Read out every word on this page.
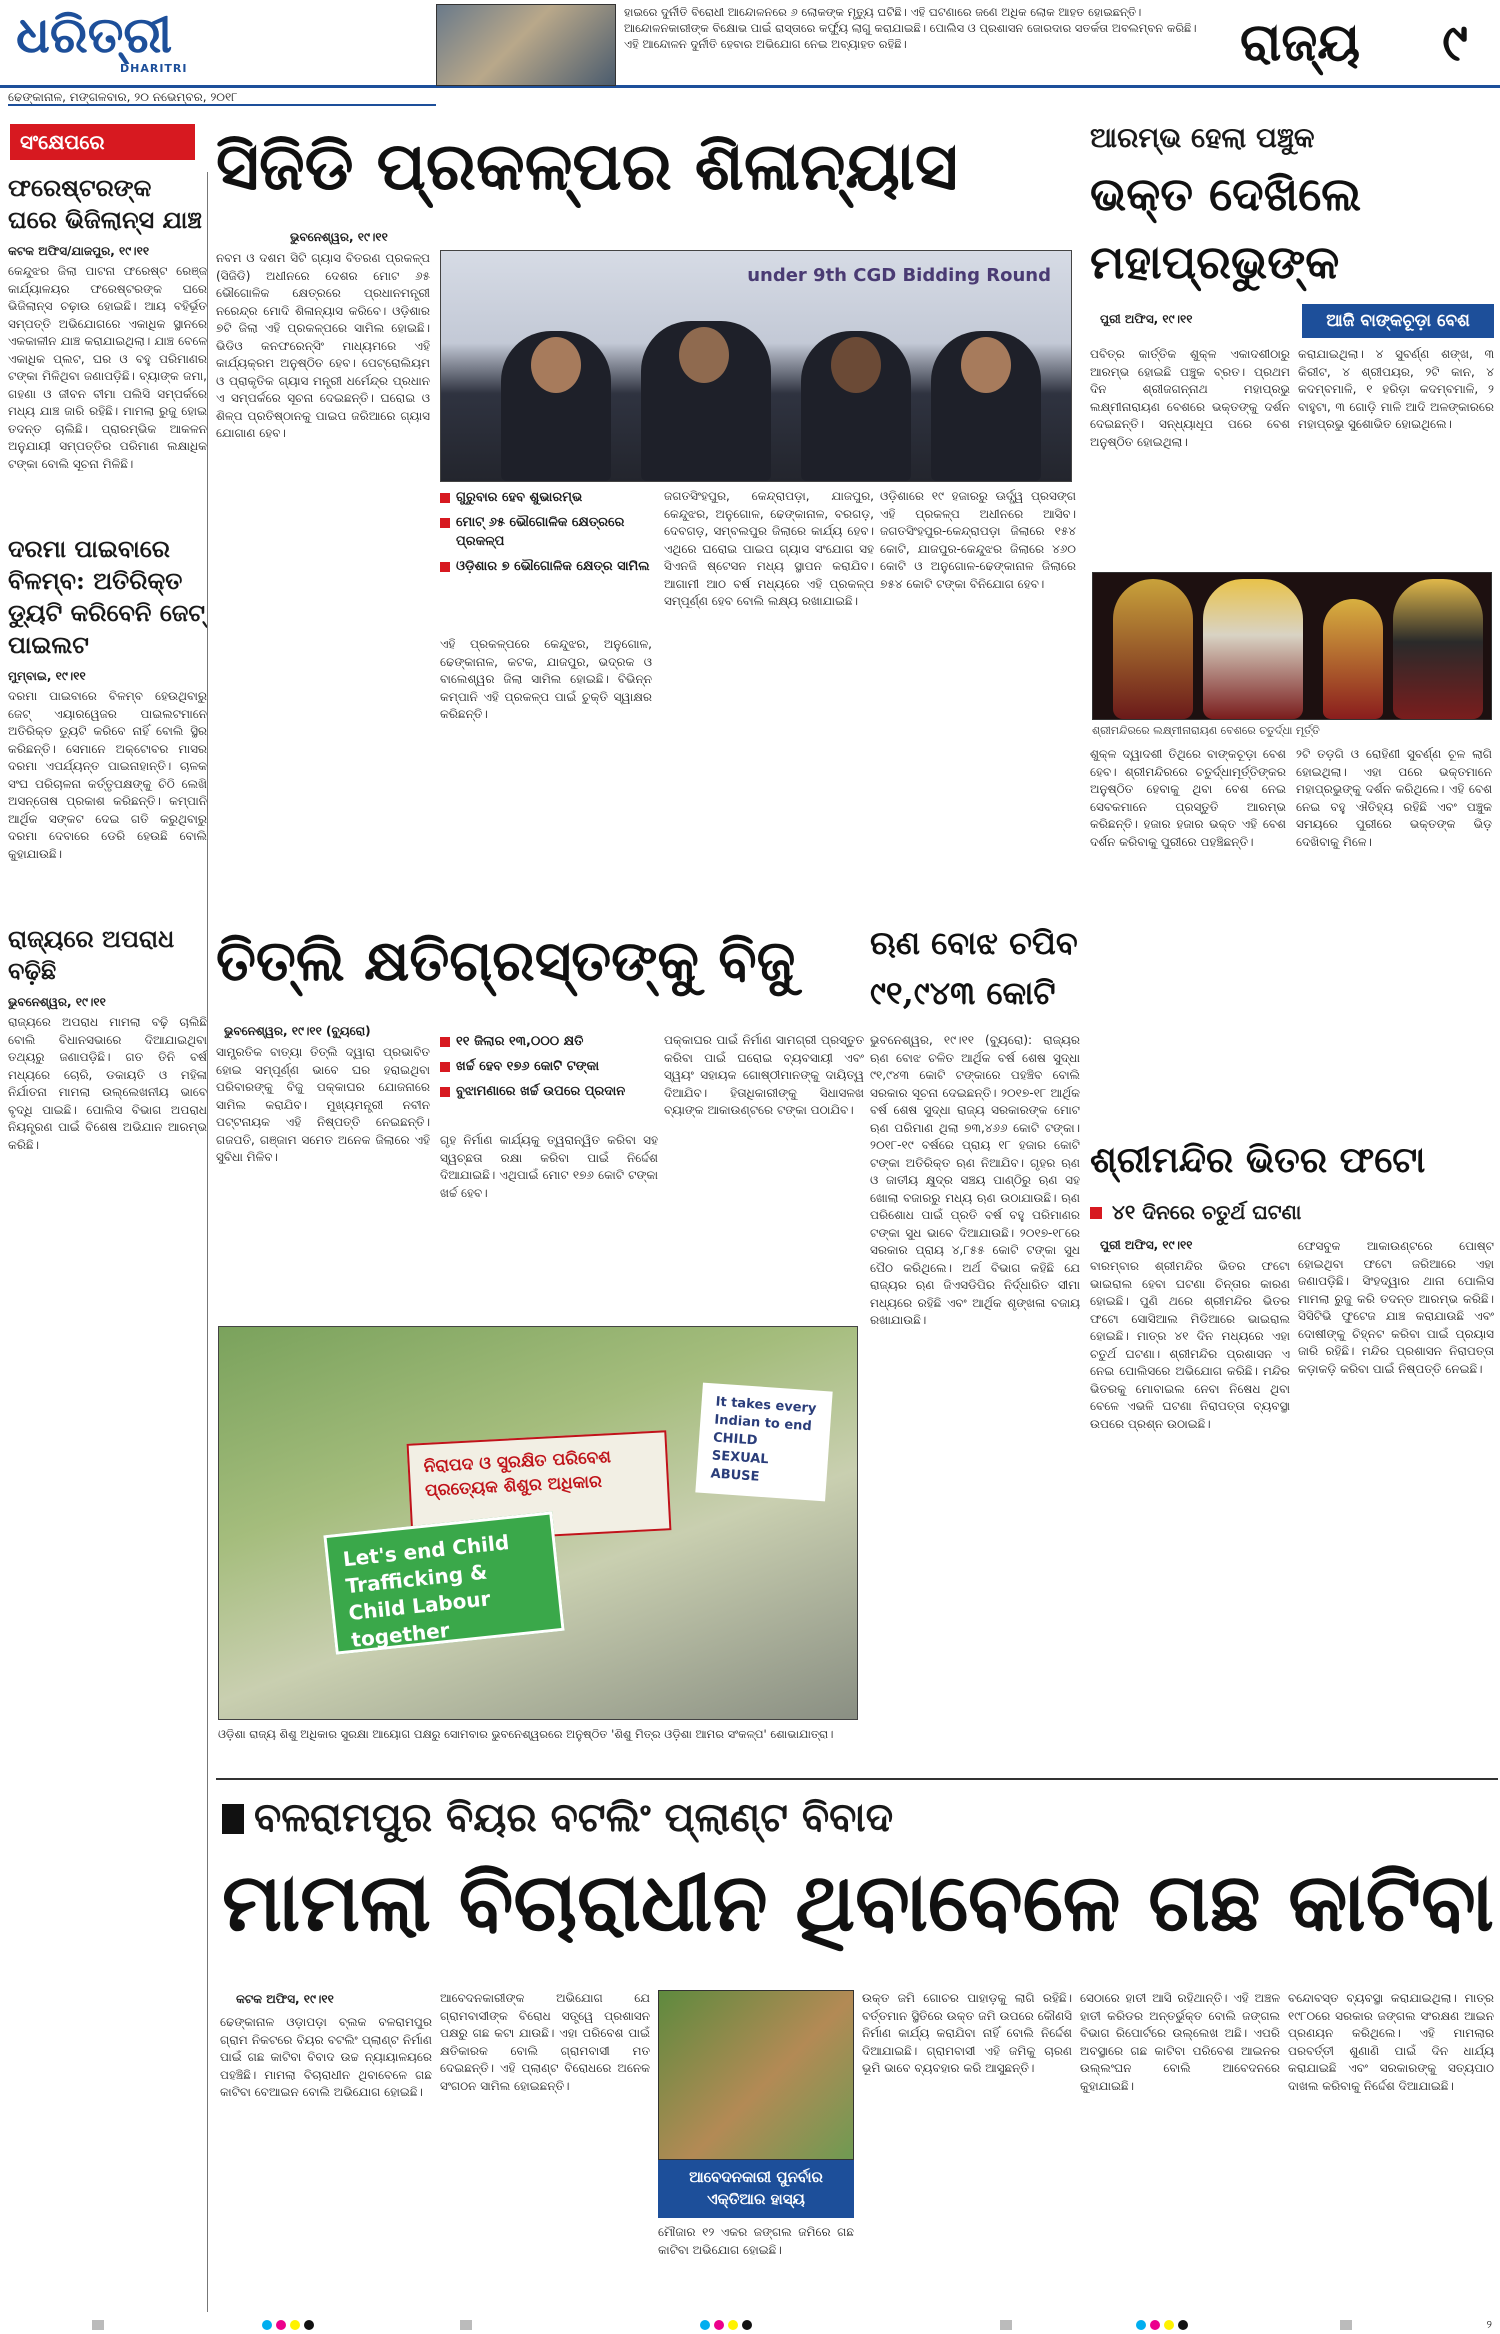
ଧରିତ୍ରୀ
DHARITRI
ଢେଙ୍କାନାଳ, ମଙ୍ଗଳବାର, ୨୦ ନଭେମ୍ବର, ୨୦୧୮
ହାଇରେ ଦୁର୍ନୀତି ବିରୋଧୀ ଆନ୍ଦୋଳନରେ ୬ ଲୋକଙ୍କ ମୃତ୍ୟୁ ଘଟିଛି। ଏହି ଘଟଣାରେ ଜଣେ ଅଧିକ ଲୋକ ଆହତ ହୋଇଛନ୍ତି। ଆନ୍ଦୋଳନକାରୀଙ୍କ ବିକ୍ଷୋଭ ପାଇଁ ରାସ୍ତାରେ କର୍ଫ୍ୟୁ ଲାଗୁ କରାଯାଇଛି। ପୋଲିସ ଓ ପ୍ରଶାସନ ଜୋରଦାର ସତର୍କତା ଅବଲମ୍ବନ କରିଛି। ଏହି ଆନ୍ଦୋଳନ ଦୁର୍ନୀତି ହେବାର ଅଭିଯୋଗ ନେଇ ଅବ୍ୟାହତ ରହିଛି।	ରାଜ୍ୟ	୯
ସଂକ୍ଷେପରେ
ଫରେଷ୍ଟରଙ୍କ ଘରେ ଭିଜିଲାନ୍ସ ଯାଞ୍ଚ
କଟକ ଅଫିସ/ଯାଜପୁର, ୧୯।୧୧
କେନ୍ଦୁଝର ଜିଲା ପାଟନା ଫରେଷ୍ଟ ରେଞ୍ଜ କାର୍ଯ୍ୟାଳୟର ଫରେଷ୍ଟରଙ୍କ ଘରେ ଭିଜିଲାନ୍ସ ଚଢ଼ାଉ ହୋଇଛି। ଆୟ ବହିର୍ଭୂତ ସମ୍ପତ୍ତି ଅଭିଯୋଗରେ ଏକାଧିକ ସ୍ଥାନରେ ଏକକାଳୀନ ଯାଞ୍ଚ କରାଯାଇଥିଲା। ଯାଞ୍ଚ ବେଳେ ଏକାଧିକ ପ୍ଲଟ, ଘର ଓ ବହୁ ପରିମାଣର ଟଙ୍କା ମିଳିଥିବା ଜଣାପଡ଼ିଛି। ବ୍ୟାଙ୍କ ଜମା, ଗହଣା ଓ ଜୀବନ ବୀମା ପଲିସି ସମ୍ପର୍କରେ ମଧ୍ୟ ଯାଞ୍ଚ ଜାରି ରହିଛି। ମାମଲା ରୁଜୁ ହୋଇ ତଦନ୍ତ ଚାଲିଛି। ପ୍ରାରମ୍ଭିକ ଆକଳନ ଅନୁଯାୟୀ ସମ୍ପତ୍ତିର ପରିମାଣ ଲକ୍ଷାଧିକ ଟଙ୍କା ବୋଲି ସୂଚନା ମିଳିଛି।
ଦରମା ପାଇବାରେ ବିଳମ୍ବ: ଅତିରିକ୍ତ ଡ୍ୟୁଟି କରିବେନି ଜେଟ୍ ପାଇଲଟ
ମୁମ୍ବାଇ, ୧୯।୧୧
ଦରମା ପାଇବାରେ ବିଳମ୍ବ ହେଉଥିବାରୁ ଜେଟ୍ ଏୟାରୱେଜର ପାଇଲଟମାନେ ଅତିରିକ୍ତ ଡ୍ୟୁଟି କରିବେ ନାହିଁ ବୋଲି ସ୍ଥିର କରିଛନ୍ତି। ସେମାନେ ଅକ୍ଟୋବର ମାସର ଦରମା ଏପର୍ଯ୍ୟନ୍ତ ପାଇନାହାନ୍ତି। ଚାଳକ ସଂଘ ପରିଚାଳନା କର୍ତ୍ତୃପକ୍ଷଙ୍କୁ ଚିଠି ଲେଖି ଅସନ୍ତୋଷ ପ୍ରକାଶ କରିଛନ୍ତି। କମ୍ପାନି ଆର୍ଥିକ ସଙ୍କଟ ଦେଇ ଗତି କରୁଥିବାରୁ ଦରମା ଦେବାରେ ଡେରି ହେଉଛି ବୋଲି କୁହାଯାଉଛି।
ରାଜ୍ୟରେ ଅପରାଧ ବଢ଼ିଛି
ଭୁବନେଶ୍ୱର, ୧୯।୧୧
ରାଜ୍ୟରେ ଅପରାଧ ମାମଲା ବଢ଼ି ଚାଲିଛି ବୋଲି ବିଧାନସଭାରେ ଦିଆଯାଇଥିବା ତଥ୍ୟରୁ ଜଣାପଡ଼ିଛି। ଗତ ତିନି ବର୍ଷ ମଧ୍ୟରେ ଚୋରି, ଡକାୟତି ଓ ମହିଳା ନିର୍ଯାତନା ମାମଲା ଉଲ୍ଲେଖନୀୟ ଭାବେ ବୃଦ୍ଧି ପାଇଛି। ପୋଲିସ ବିଭାଗ ଅପରାଧ ନିୟନ୍ତ୍ରଣ ପାଇଁ ବିଶେଷ ଅଭିଯାନ ଆରମ୍ଭ କରିଛି।
ସିଜିଡି ପ୍ରକଳ୍ପର ଶିଳାନ୍ୟାସ
ଭୁବନେଶ୍ୱର, ୧୯।୧୧
under 9th CGD Bidding Round
ନବମ ଓ ଦଶମ ସିଟି ଗ୍ୟାସ ବିତରଣ ପ୍ରକଳ୍ପ (ସିଜିଡି) ଅଧୀନରେ ଦେଶର ମୋଟ ୬୫ ଭୌଗୋଳିକ କ୍ଷେତ୍ରରେ ପ୍ରଧାନମନ୍ତ୍ରୀ ନରେନ୍ଦ୍ର ମୋଦି ଶିଳାନ୍ୟାସ କରିବେ। ଓଡ଼ିଶାର ୭ଟି ଜିଲା ଏହି ପ୍ରକଳ୍ପରେ ସାମିଲ ହୋଇଛି। ଭିଡିଓ କନଫରେନ୍ସିଂ ମାଧ୍ୟମରେ ଏହି କାର୍ଯ୍ୟକ୍ରମ ଅନୁଷ୍ଠିତ ହେବ। ପେଟ୍ରୋଲିୟମ ଓ ପ୍ରାକୃତିକ ଗ୍ୟାସ ମନ୍ତ୍ରୀ ଧର୍ମେନ୍ଦ୍ର ପ୍ରଧାନ ଏ ସମ୍ପର୍କରେ ସୂଚନା ଦେଇଛନ୍ତି। ଘରୋଇ ଓ ଶିଳ୍ପ ପ୍ରତିଷ୍ଠାନକୁ ପାଇପ ଜରିଆରେ ଗ୍ୟାସ ଯୋଗାଣ ହେବ।
ଗୁରୁବାର ହେବ ଶୁଭାରମ୍ଭ
ମୋଟ୍ ୬୫ ଭୌଗୋଳିକ କ୍ଷେତ୍ରରେ ପ୍ରକଳ୍ପ
ଓଡ଼ିଶାର ୭ ଭୌଗୋଳିକ କ୍ଷେତ୍ର ସାମିଲ
ଏହି ପ୍ରକଳ୍ପରେ କେନ୍ଦୁଝର, ଅନୁଗୋଳ, ଢେଙ୍କାନାଳ, କଟକ, ଯାଜପୁର, ଭଦ୍ରକ ଓ ବାଲେଶ୍ୱର ଜିଲା ସାମିଲ ହୋଇଛି। ବିଭିନ୍ନ କମ୍ପାନି ଏହି ପ୍ରକଳ୍ପ ପାଇଁ ଚୁକ୍ତି ସ୍ୱାକ୍ଷର କରିଛନ୍ତି।
ଜଗତସିଂହପୁର, କେନ୍ଦ୍ରାପଡ଼ା, ଯାଜପୁର, କେନ୍ଦୁଝର, ଅନୁଗୋଳ, ଢେଙ୍କାନାଳ, ବରଗଡ଼, ଦେବଗଡ଼, ସମ୍ବଲପୁର ଜିଲାରେ କାର୍ଯ୍ୟ ହେବ। ଏଥିରେ ଘରୋଇ ପାଇପ ଗ୍ୟାସ ସଂଯୋଗ ସହ ସିଏନଜି ଷ୍ଟେସନ ମଧ୍ୟ ସ୍ଥାପନ କରାଯିବ। ଆଗାମୀ ଆଠ ବର୍ଷ ମଧ୍ୟରେ ଏହି ପ୍ରକଳ୍ପ ସମ୍ପୂର୍ଣ୍ଣ ହେବ ବୋଲି ଲକ୍ଷ୍ୟ ରଖାଯାଇଛି।
ଓଡ଼ିଶାରେ ୧୯ ହଜାରରୁ ଊର୍ଦ୍ଧ୍ୱ ପ୍ରସଙ୍ଗ ଏହି ପ୍ରକଳ୍ପ ଅଧୀନରେ ଆସିବ। ଜଗତସିଂହପୁର-କେନ୍ଦ୍ରାପଡ଼ା ଜିଲାରେ ୧୫୪ କୋଟି, ଯାଜପୁର-କେନ୍ଦୁଝର ଜିଲାରେ ୪୬୦ କୋଟି ଓ ଅନୁଗୋଳ-ଢେଙ୍କାନାଳ ଜିଲାରେ ୭୫୪ କୋଟି ଟଙ୍କା ବିନିଯୋଗ ହେବ।
ଆରମ୍ଭ ହେଲା ପଞ୍ଚୁକ
ଭକ୍ତ ଦେଖିଲେ ମହାପ୍ରଭୁଙ୍କ
ପୁରୀ ଅଫିସ, ୧୯।୧୧	ଆଜି ବାଙ୍କଚୂଡ଼ା ବେଶ
ପବିତ୍ର କାର୍ତ୍ତିକ ଶୁକ୍ଳ ଏକାଦଶୀଠାରୁ ଆରମ୍ଭ ହୋଇଛି ପଞ୍ଚୁକ ବ୍ରତ। ପ୍ରଥମ ଦିନ ଶ୍ରୀଜଗନ୍ନାଥ ମହାପ୍ରଭୁ ଲକ୍ଷ୍ମୀନାରାୟଣ ବେଶରେ ଭକ୍ତଙ୍କୁ ଦର୍ଶନ ଦେଇଛନ୍ତି। ସନ୍ଧ୍ୟାଧୂପ ପରେ ବେଶ ଅନୁଷ୍ଠିତ ହୋଇଥିଲା।
କରାଯାଇଥିଲା। ୪ ସୁବର୍ଣ୍ଣ ଶଙ୍ଖ, ୩ କିରୀଟ, ୪ ଶ୍ରୀପୟର, ୨ଟି କାନ, ୪ କଦମ୍ବମାଳି, ୧ ହରିଡ଼ା କଦମ୍ବମାଳି, ୨ ବାହୁଟା, ୩ ଗୋଡ଼ି ମାଳି ଆଦି ଅଳଙ୍କାରରେ ମହାପ୍ରଭୁ ସୁଶୋଭିତ ହୋଇଥିଲେ।
ଶ୍ରୀମନ୍ଦିରରେ ଲକ୍ଷ୍ମୀନାରାୟଣ ବେଶରେ ଚତୁର୍ଦ୍ଧା ମୂର୍ତ୍ତି
ଶୁକ୍ଳ ଦ୍ୱାଦଶୀ ତିଥିରେ ବାଙ୍କଚୂଡ଼ା ବେଶ ହେବ। ଶ୍ରୀମନ୍ଦିରରେ ଚତୁର୍ଦ୍ଧାମୂର୍ତ୍ତିଙ୍କର ଅନୁଷ୍ଠିତ ହେବାକୁ ଥିବା ବେଶ ନେଇ ସେବକମାନେ ପ୍ରସ୍ତୁତି ଆରମ୍ଭ କରିଛନ୍ତି। ହଜାର ହଜାର ଭକ୍ତ ଏହି ବେଶ ଦର୍ଶନ କରିବାକୁ ପୁରୀରେ ପହଞ୍ଚିଛନ୍ତି।
୨ଟି ତଡ଼ଗି ଓ ରୋହିଣୀ ସୁବର୍ଣ୍ଣ ଚୂଳ ଲାଗି ହୋଇଥିଲା। ଏହା ପରେ ଭକ୍ତମାନେ ମହାପ୍ରଭୁଙ୍କୁ ଦର୍ଶନ କରିଥିଲେ। ଏହି ବେଶ ନେଇ ବହୁ ଐତିହ୍ୟ ରହିଛି ଏବଂ ପଞ୍ଚୁକ ସମୟରେ ପୁରୀରେ ଭକ୍ତଙ୍କ ଭିଡ଼ ଦେଖିବାକୁ ମିଳେ।
ଶ୍ରୀମନ୍ଦିର ଭିତର ଫଟୋ
୪୧ ଦିନରେ ଚତୁର୍ଥ ଘଟଣା
ପୁରୀ ଅଫିସ, ୧୯।୧୧
ବାରମ୍ବାର ଶ୍ରୀମନ୍ଦିର ଭିତର ଫଟୋ ଭାଇରାଲ ହେବା ଘଟଣା ଚିନ୍ତାର କାରଣ ହୋଇଛି। ପୁଣି ଥରେ ଶ୍ରୀମନ୍ଦିର ଭିତର ଫଟୋ ସୋସିଆଲ ମିଡିଆରେ ଭାଇରାଲ ହୋଇଛି। ମାତ୍ର ୪୧ ଦିନ ମଧ୍ୟରେ ଏହା ଚତୁର୍ଥ ଘଟଣା। ଶ୍ରୀମନ୍ଦିର ପ୍ରଶାସନ ଏ ନେଇ ପୋଲିସରେ ଅଭିଯୋଗ କରିଛି। ମନ୍ଦିର ଭିତରକୁ ମୋବାଇଲ ନେବା ନିଷେଧ ଥିବା ବେଳେ ଏଭଳି ଘଟଣା ନିରାପତ୍ତା ବ୍ୟବସ୍ଥା ଉପରେ ପ୍ରଶ୍ନ ଉଠାଇଛି।
ଫେସବୁକ ଆକାଉଣ୍ଟରେ ପୋଷ୍ଟ ହୋଇଥିବା ଫଟୋ ଜରିଆରେ ଏହା ଜଣାପଡ଼ିଛି। ସିଂହଦ୍ୱାର ଥାନା ପୋଲିସ ମାମଲା ରୁଜୁ କରି ତଦନ୍ତ ଆରମ୍ଭ କରିଛି। ସିସିଟିଭି ଫୁଟେଜ ଯାଞ୍ଚ କରାଯାଉଛି ଏବଂ ଦୋଷୀଙ୍କୁ ଚିହ୍ନଟ କରିବା ପାଇଁ ପ୍ରୟାସ ଜାରି ରହିଛି। ମନ୍ଦିର ପ୍ରଶାସନ ନିରାପତ୍ତା କଡ଼ାକଡ଼ି କରିବା ପାଇଁ ନିଷ୍ପତ୍ତି ନେଇଛି।
ତିତ୍‌ଲି କ୍ଷତିଗ୍ରସ୍ତଙ୍କୁ ବିଜୁ
ଭୁବନେଶ୍ୱର, ୧୯।୧୧ (ବ୍ୟୁରୋ)
ସାମ୍ପ୍ରତିକ ବାତ୍ୟା ତିତ୍‌ଲି ଦ୍ୱାରା ପ୍ରଭାବିତ ହୋଇ ସମ୍ପୂର୍ଣ୍ଣ ଭାବେ ଘର ହରାଇଥିବା ପରିବାରଙ୍କୁ ବିଜୁ ପକ୍କାଘର ଯୋଜନାରେ ସାମିଲ କରାଯିବ। ମୁଖ୍ୟମନ୍ତ୍ରୀ ନବୀନ ପଟ୍ଟନାୟକ ଏହି ନିଷ୍ପତ୍ତି ନେଇଛନ୍ତି। ଗଜପତି, ଗଞ୍ଜାମ ସମେତ ଅନେକ ଜିଲାରେ ଏହି ସୁବିଧା ମିଳିବ।
୧୧ ଜିଲାର ୧୩,୦୦୦ କ୍ଷତି
ଖର୍ଚ୍ଚ ହେବ ୧୭୬ କୋଟି ଟଙ୍କା
ବୁଝାମଣାରେ ଖର୍ଚ୍ଚ ଉପରେ ପ୍ରଦାନ
ଗୃହ ନିର୍ମାଣ କାର୍ଯ୍ୟକୁ ତ୍ୱରାନ୍ୱିତ କରିବା ସହ ସ୍ୱଚ୍ଛତା ରକ୍ଷା କରିବା ପାଇଁ ନିର୍ଦ୍ଦେଶ ଦିଆଯାଇଛି। ଏଥିପାଇଁ ମୋଟ ୧୭୬ କୋଟି ଟଙ୍କା ଖର୍ଚ୍ଚ ହେବ।
ପକ୍କାଘର ପାଇଁ ନିର୍ମାଣ ସାମଗ୍ରୀ ପ୍ରସ୍ତୁତ କରିବା ପାଇଁ ଘରୋଇ ବ୍ୟବସାୟୀ ଏବଂ ସ୍ୱୟଂ ସହାୟକ ଗୋଷ୍ଠୀମାନଙ୍କୁ ଦାୟିତ୍ୱ ଦିଆଯିବ। ହିତାଧିକାରୀଙ୍କୁ ସିଧାସଳଖ ବ୍ୟାଙ୍କ ଆକାଉଣ୍ଟରେ ଟଙ୍କା ପଠାଯିବ।
ନିରାପଦ ଓ ସୁରକ୍ଷିତ ପରିବେଶ ପ୍ରତ୍ୟେକ ଶିଶୁର ଅଧିକାର
Let's end Child Trafficking & Child Labour together
It takes every Indian to end CHILD SEXUAL ABUSE
ଓଡ଼ିଶା ରାଜ୍ୟ ଶିଶୁ ଅଧିକାର ସୁରକ୍ଷା ଆୟୋଗ ପକ୍ଷରୁ ସୋମବାର ଭୁବନେଶ୍ୱରରେ ଅନୁଷ୍ଠିତ 'ଶିଶୁ ମିତ୍ର ଓଡ଼ିଶା ଆମର ସଂକଳ୍ପ' ଶୋଭାଯାତ୍ରା।
ଋଣ ବୋଝ ଚପିବ ୯୧,୯୪୩ କୋଟି
ଭୁବନେଶ୍ୱର, ୧୯।୧୧ (ବ୍ୟୁରୋ): ରାଜ୍ୟର ଋଣ ବୋଝ ଚଳିତ ଆର୍ଥିକ ବର୍ଷ ଶେଷ ସୁଦ୍ଧା ୯୧,୯୪୩ କୋଟି ଟଙ୍କାରେ ପହଞ୍ଚିବ ବୋଲି ସରକାର ସୂଚନା ଦେଇଛନ୍ତି। ୨୦୧୭-୧୮ ଆର୍ଥିକ ବର୍ଷ ଶେଷ ସୁଦ୍ଧା ରାଜ୍ୟ ସରକାରଙ୍କ ମୋଟ ଋଣ ପରିମାଣ ଥିଲା ୭୩,୪୬୬ କୋଟି ଟଙ୍କା। ୨୦୧୮-୧୯ ବର୍ଷରେ ପ୍ରାୟ ୧୮ ହଜାର କୋଟି ଟଙ୍କା ଅତିରିକ୍ତ ଋଣ ନିଆଯିବ। ଗୃହର ଋଣ ଓ ଜାତୀୟ କ୍ଷୁଦ୍ର ସଞ୍ଚୟ ପାଣ୍ଠିରୁ ଋଣ ସହ ଖୋଲା ବଜାରରୁ ମଧ୍ୟ ଋଣ ଉଠାଯାଉଛି। ଋଣ ପରିଶୋଧ ପାଇଁ ପ୍ରତି ବର୍ଷ ବହୁ ପରିମାଣର ଟଙ୍କା ସୁଧ ଭାବେ ଦିଆଯାଉଛି। ୨୦୧୭-୧୮ରେ ସରକାର ପ୍ରାୟ ୪,୮୫୫ କୋଟି ଟଙ୍କା ସୁଧ ପୈଠ କରିଥିଲେ। ଅର୍ଥ ବିଭାଗ କହିଛି ଯେ ରାଜ୍ୟର ଋଣ ଜିଏସଡିପିର ନିର୍ଦ୍ଧାରିତ ସୀମା ମଧ୍ୟରେ ରହିଛି ଏବଂ ଆର୍ଥିକ ଶୃଙ୍ଖଳା ବଜାୟ ରଖାଯାଉଛି।
ବଳରାମପୁର ବିୟର ବଟଲିଂ ପ୍ଲାଣ୍ଟ ବିବାଦ
ମାମଲା ବିଚାରାଧୀନ ଥିବାବେଳେ ଗଛ କାଟିବା
କଟକ ଅଫିସ, ୧୯।୧୧
ଢେଙ୍କାନାଳ ଓଡ଼ାପଡ଼ା ବ୍ଲକ ବଳରାମପୁର ଗ୍ରାମ ନିକଟରେ ବିୟର ବଟଲିଂ ପ୍ଲାଣ୍ଟ ନିର୍ମାଣ ପାଇଁ ଗଛ କାଟିବା ବିବାଦ ଉଚ୍ଚ ନ୍ୟାୟାଳୟରେ ପହଞ୍ଚିଛି। ମାମଲା ବିଚାରାଧୀନ ଥିବାବେଳେ ଗଛ କାଟିବା ବେଆଇନ ବୋଲି ଅଭିଯୋଗ ହୋଇଛି।
ଆବେଦନକାରୀଙ୍କ ଅଭିଯୋଗ ଯେ ଗ୍ରାମବାସୀଙ୍କ ବିରୋଧ ସତ୍ତ୍ୱେ ପ୍ରଶାସନ ପକ୍ଷରୁ ଗଛ କଟା ଯାଉଛି। ଏହା ପରିବେଶ ପାଇଁ କ୍ଷତିକାରକ ବୋଲି ଗ୍ରାମବାସୀ ମତ ଦେଇଛନ୍ତି। ଏହି ପ୍ଲାଣ୍ଟ ବିରୋଧରେ ଅନେକ ସଂଗଠନ ସାମିଲ ହୋଇଛନ୍ତି।
ଆବେଦନକାରୀ ପୁନର୍ବାର ଏକ୍ତିଆର ହାସ୍ୟ
ମୌଜାର ୧୨ ଏକର ଜଙ୍ଗଲ ଜମିରେ ଗଛ କାଟିବା ଅଭିଯୋଗ ହୋଇଛି।
ଉକ୍ତ ଜମି ଗୋଚର ପାହାଡ଼କୁ ଲାଗି ରହିଛି। ବର୍ତ୍ତମାନ ସ୍ଥିତିରେ ଉକ୍ତ ଜମି ଉପରେ କୌଣସି ନିର୍ମାଣ କାର୍ଯ୍ୟ କରାଯିବା ନାହିଁ ବୋଲି ନିର୍ଦ୍ଦେଶ ଦିଆଯାଇଛି। ଗ୍ରାମବାସୀ ଏହି ଜମିକୁ ଚାରଣ ଭୂମି ଭାବେ ବ୍ୟବହାର କରି ଆସୁଛନ୍ତି।
ସେଠାରେ ହାତୀ ଆସି ରହିଥାନ୍ତି। ଏହି ଅଞ୍ଚଳ ହାତୀ କରିଡର ଅନ୍ତର୍ଭୁକ୍ତ ବୋଲି ଜଙ୍ଗଲ ବିଭାଗ ରିପୋର୍ଟରେ ଉଲ୍ଲେଖ ଅଛି। ଏପରି ଅବସ୍ଥାରେ ଗଛ କାଟିବା ପରିବେଶ ଆଇନର ଉଲ୍ଲଂଘନ ବୋଲି ଆବେଦନରେ କୁହାଯାଇଛି।
ବନ୍ଦୋବସ୍ତ ବ୍ୟବସ୍ଥା କରାଯାଇଥିଲା। ମାତ୍ର ୧୯୮୦ରେ ସରକାର ଜଙ୍ଗଲ ସଂରକ୍ଷଣ ଆଇନ ପ୍ରଣୟନ କରିଥିଲେ। ଏହି ମାମଲାର ପରବର୍ତ୍ତୀ ଶୁଣାଣି ପାଇଁ ଦିନ ଧାର୍ଯ୍ୟ କରାଯାଇଛି ଏବଂ ସରକାରଙ୍କୁ ସତ୍ୟପାଠ ଦାଖଲ କରିବାକୁ ନିର୍ଦ୍ଦେଶ ଦିଆଯାଇଛି।
୨
